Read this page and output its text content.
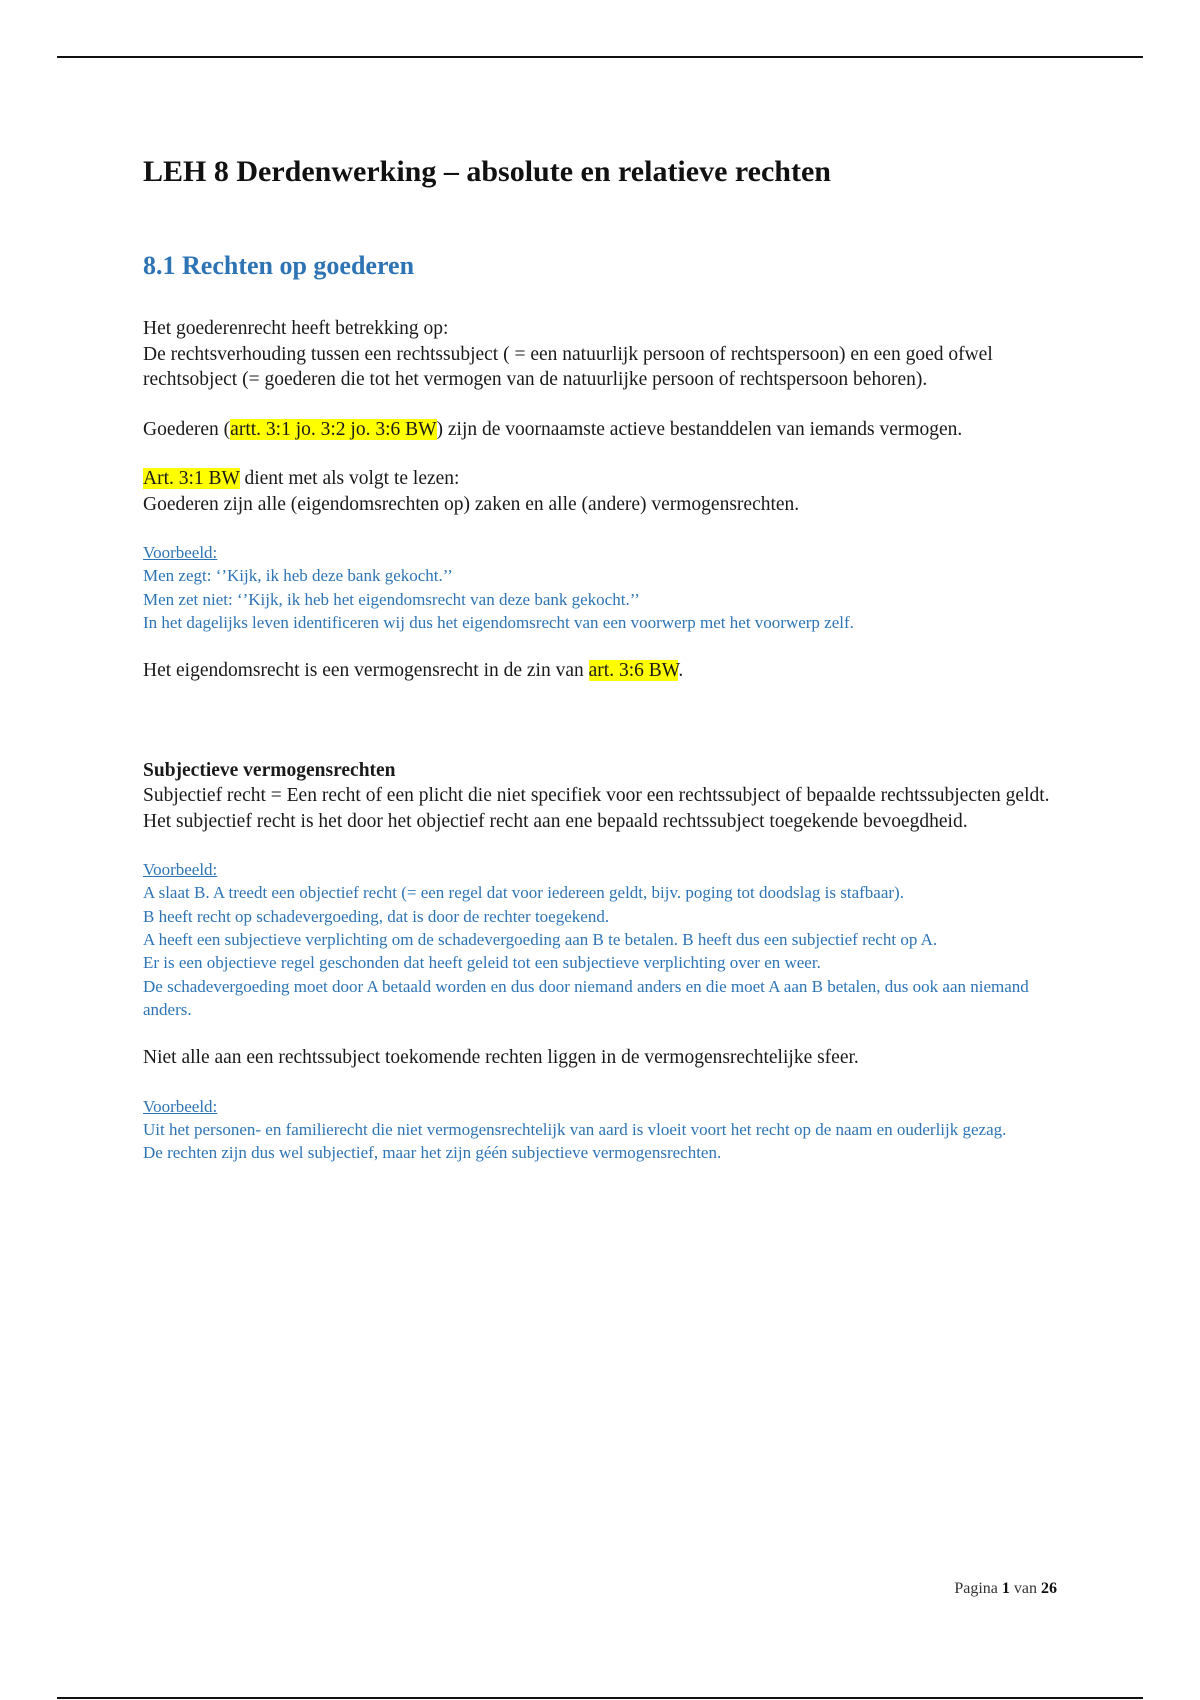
LEH 8 Derdenwerking – absolute en relatieve rechten
8.1 Rechten op goederen

Het goederenrecht heeft betrekking op:

De rechtsverhouding tussen een rechtssubject ( = een natuurlijk persoon of rechtspersoon) en een goed ofwel rechtsobject (= goederen die tot het vermogen van de natuurlijke persoon of rechtspersoon behoren).

Goederen (artt. 3:1 jo. 3:2 jo. 3:6 BW) zijn de voornaamste actieve bestanddelen van iemands vermogen.

Art. 3:1 BW dient met als volgt te lezen:

Goederen zijn alle (eigendomsrechten op) zaken en alle (andere) vermogensrechten.

Voorbeeld:
Men zegt: ‘’Kijk, ik heb deze bank gekocht.’’
Men zet niet: ‘’Kijk, ik heb het eigendomsrecht van deze bank gekocht.’’
In het dagelijks leven identificeren wij dus het eigendomsrecht van een voorwerp met het voorwerp zelf.

Het eigendomsrecht is een vermogensrecht in de zin van art. 3:6 BW.

Subjectieve vermogensrechten

Subjectief recht = Een recht of een plicht die niet specifiek voor een rechtssubject of bepaalde rechtssubjecten geldt.

Het subjectief recht is het door het objectief recht aan ene bepaald rechtssubject toegekende bevoegdheid.

Voorbeeld:
A slaat B. A treedt een objectief recht (= een regel dat voor iedereen geldt, bijv. poging tot doodslag is stafbaar).
B heeft recht op schadevergoeding, dat is door de rechter toegekend.
A heeft een subjectieve verplichting om de schadevergoeding aan B te betalen. B heeft dus een subjectief recht op A.
Er is een objectieve regel geschonden dat heeft geleid tot een subjectieve verplichting over en weer.
De schadevergoeding moet door A betaald worden en dus door niemand anders en die moet A aan B betalen, dus ook aan niemand anders.

Niet alle aan een rechtssubject toekomende rechten liggen in de vermogensrechtelijke sfeer.

Voorbeeld:
Uit het personen- en familierecht die niet vermogensrechtelijk van aard is vloeit voort het recht op de naam en ouderlijk gezag.
De rechten zijn dus wel subjectief, maar het zijn géén subjectieve vermogensrechten.
Pagina 1 van 26
